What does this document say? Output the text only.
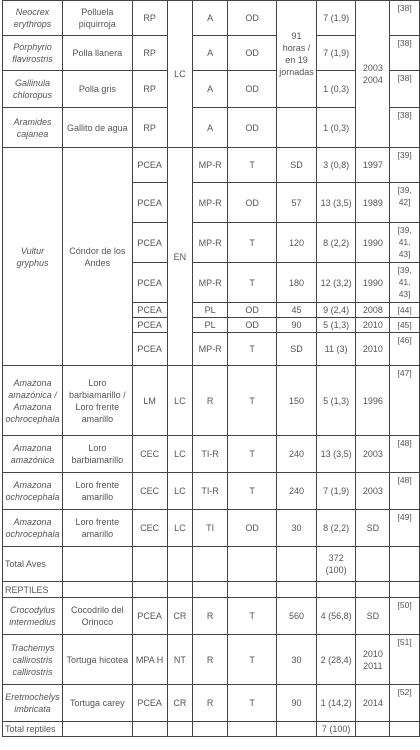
Neocrex erythrops	Polluela piquirroja	RP	LC	A	OD	91 horas / en 19 jornadas	7 (1,9)	2003 2004	[38]
Porphyrio flavirostris	Polla llanera	RP		A	OD		7 (1,9)		[38]
Gallinula chloropus	Polla gris	RP		A	OD		1 (0,3)		[38]
Aramides cajanea	Gallito de agua	RP		A	OD		1 (0,3)		[38]
Vultur gryphus	Cóndor de los Andes	PCEA	EN	MP-R	T	SD	3 (0,8)	1997	[39]
		PCEA		MP-R	OD	57	13 (3,5)	1989	[39, 42]
		PCEA		MP-R	T	120	8 (2,2)	1990	[39, 41, 43]
		PCEA		MP-R	T	180	12 (3,2)	1990	[39, 41, 43]
		PCEA		PL	OD	45	9 (2,4)	2008	[44]
		PCEA		PL	OD	90	5 (1,3)	2010	[45]
		PCEA		MP-R	T	SD	11 (3)	2010	[46]
Amazona amazónica / Amazona ochrocephala	Loro barbiamarillo / Loro frente amarillo	LM	LC	R	T	150	5 (1,3)	1996	[47]
Amazona amazónica	Loro barbiamarillo	CEC	LC	TI-R	T	240	13 (3,5)	2003	[48]
Amazona ochrocephala	Loro frente amarillo	CEC	LC	TI-R	T	240	7 (1,9)	2003	[48]
Amazona ochrocephala	Loro frente amarillo	CEC	LC	TI	OD	30	8 (2,2)	SD	[49]
Total Aves							372 (100)		
REPTILES									
Crocodylus intermedius	Cocodrilo del Orinoco	PCEA	CR	R	T	560	4 (56,8)	SD	[50]
Trachemys callirostris callirostris	Tortuga hicotea	MPA H	NT	R	T	30	2 (28,4)	2010 2011	[51]
Eretmochelys imbricata	Tortuga carey	PCEA	CR	R	T	90	1 (14,2)	2014	[52]
Total reptiles							7 (100)		
